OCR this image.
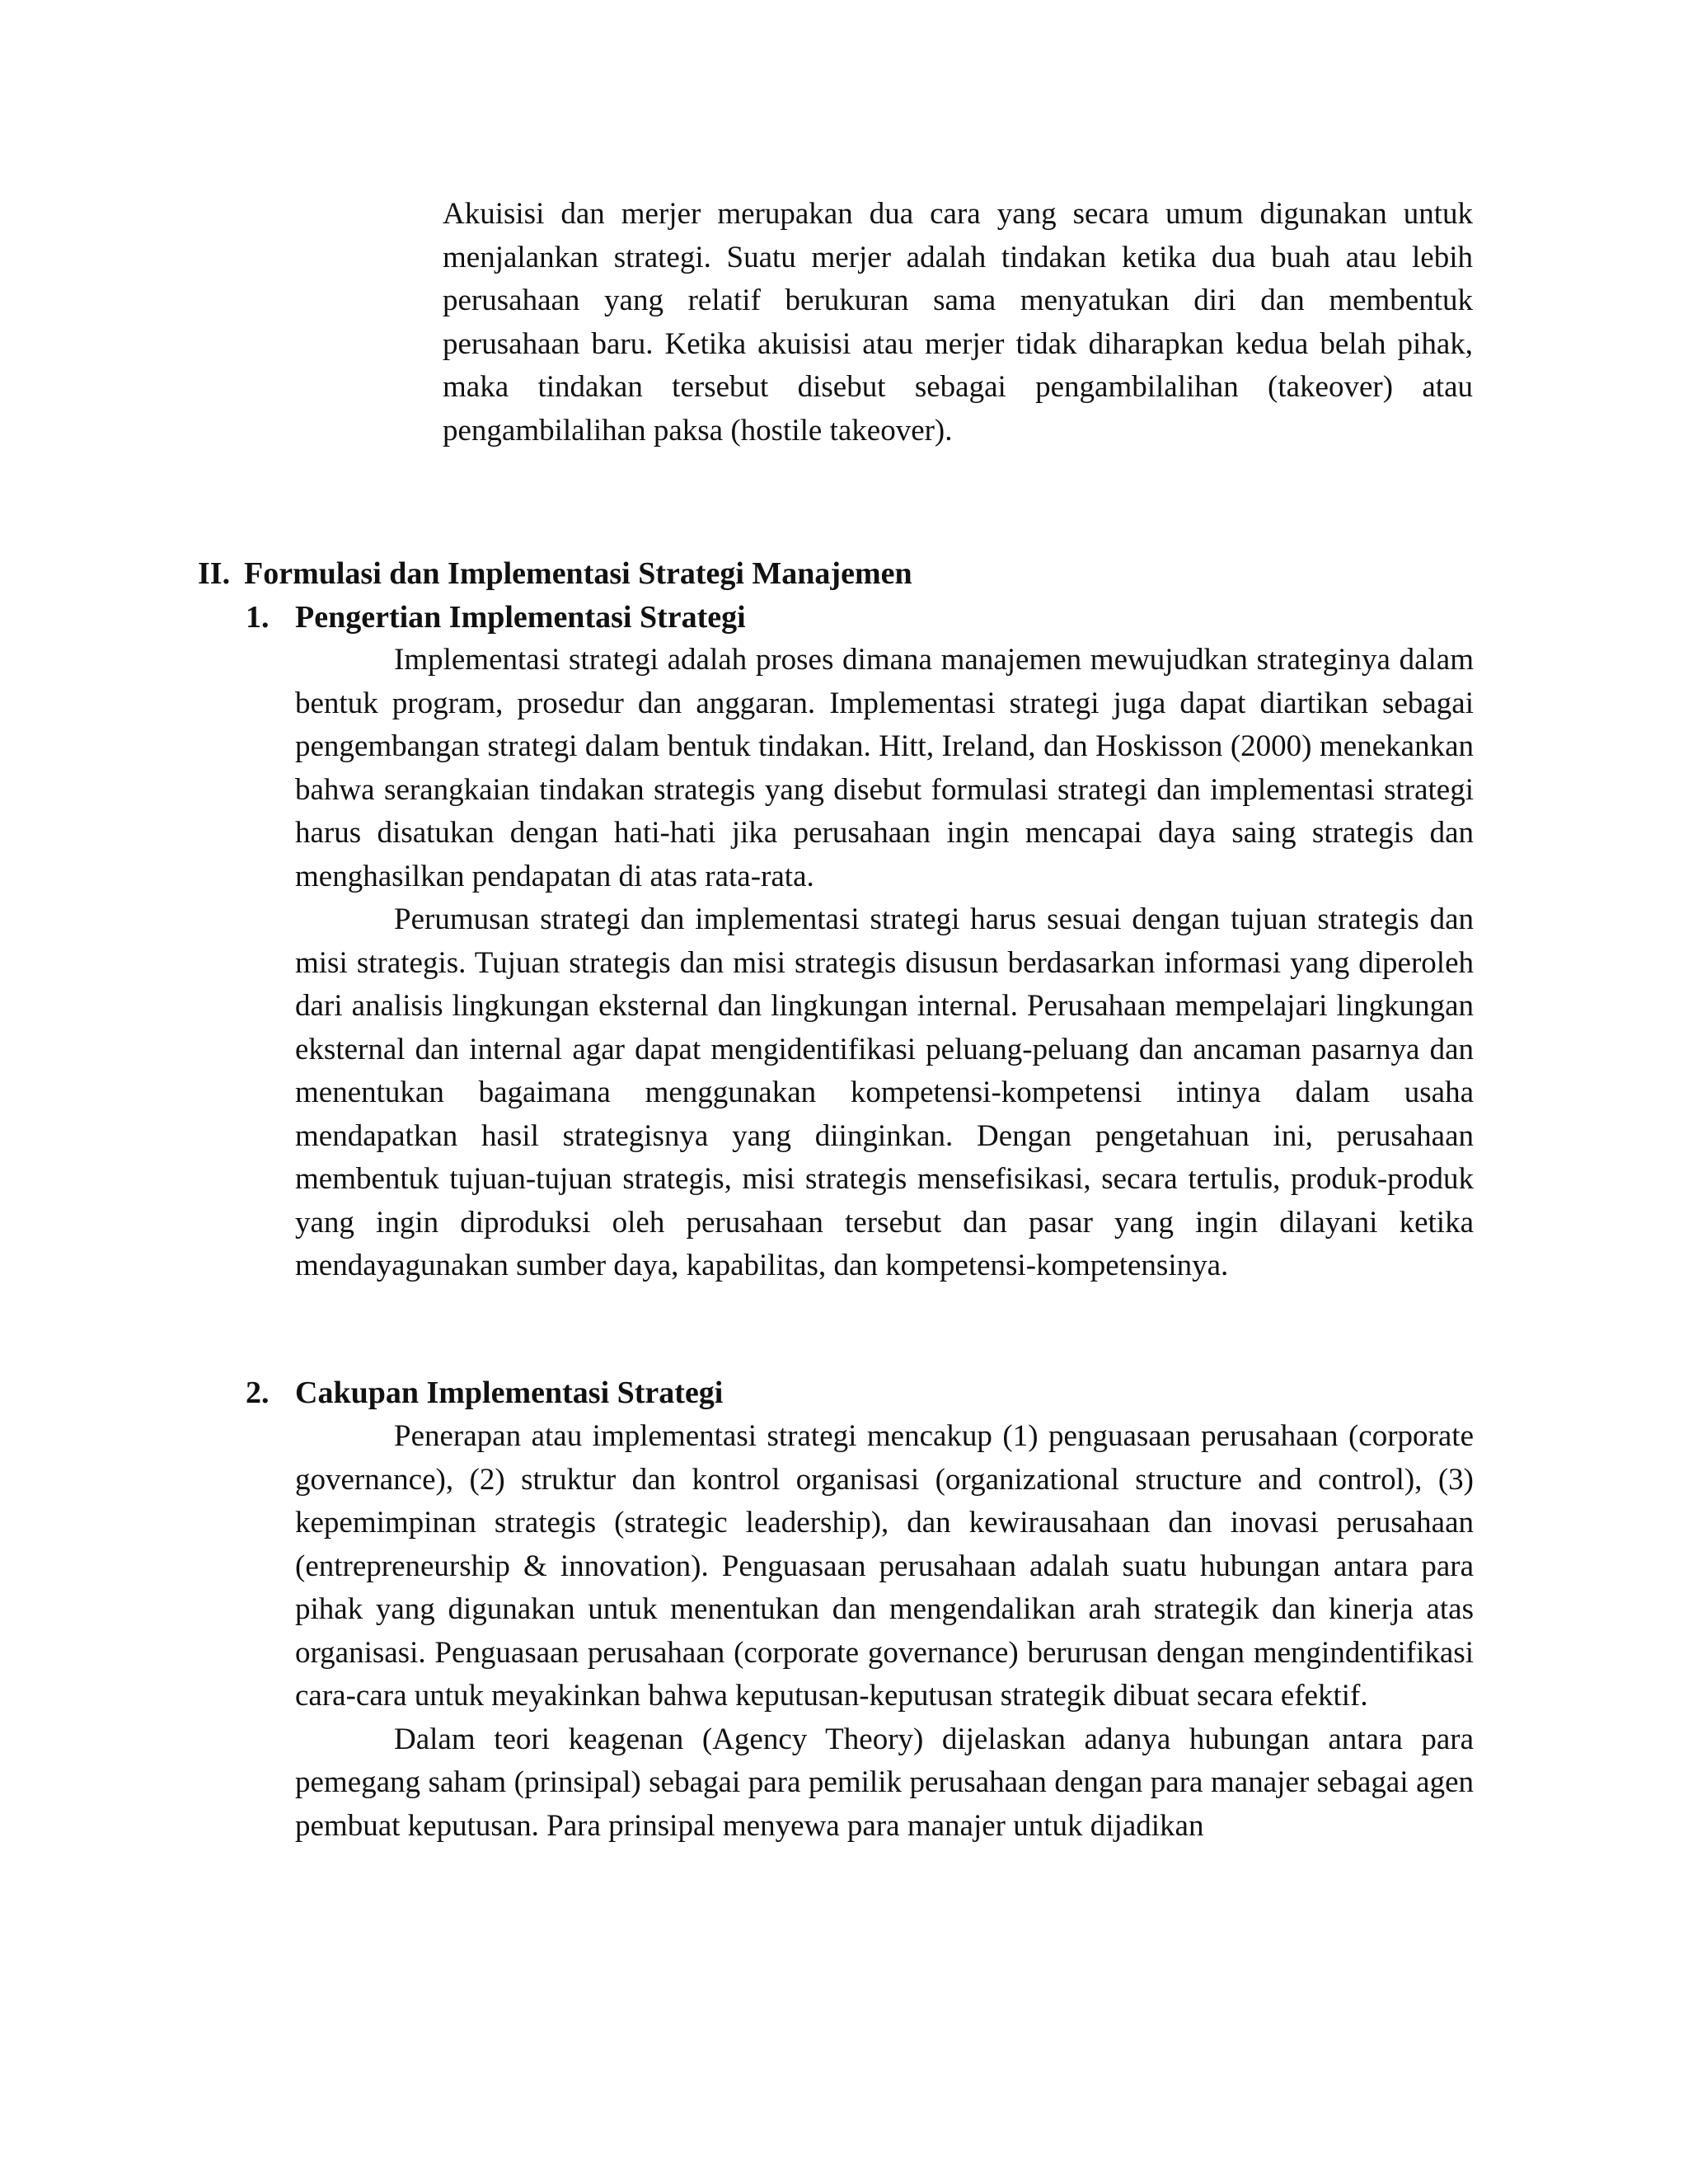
Akuisisi dan merjer merupakan dua cara yang secara umum digunakan untuk menjalankan strategi. Suatu merjer adalah tindakan ketika dua buah atau lebih perusahaan yang relatif berukuran sama menyatukan diri dan membentuk perusahaan baru. Ketika akuisisi atau merjer tidak diharapkan kedua belah pihak, maka tindakan tersebut disebut sebagai pengambilalihan (takeover) atau pengambilalihan paksa (hostile takeover).

II. Formulasi dan Implementasi Strategi Manajemen
1. Pengertian Implementasi Strategi

Implementasi strategi adalah proses dimana manajemen mewujudkan strateginya dalam bentuk program, prosedur dan anggaran. Implementasi strategi juga dapat diartikan sebagai pengembangan strategi dalam bentuk tindakan. Hitt, Ireland, dan Hoskisson (2000) menekankan bahwa serangkaian tindakan strategis yang disebut formulasi strategi dan implementasi strategi harus disatukan dengan hati-hati jika perusahaan ingin mencapai daya saing strategis dan menghasilkan pendapatan di atas rata-rata.

Perumusan strategi dan implementasi strategi harus sesuai dengan tujuan strategis dan misi strategis. Tujuan strategis dan misi strategis disusun berdasarkan informasi yang diperoleh dari analisis lingkungan eksternal dan lingkungan internal. Perusahaan mempelajari lingkungan eksternal dan internal agar dapat mengidentifikasi peluang-peluang dan ancaman pasarnya dan menentukan bagaimana menggunakan kompetensi-kompetensi intinya dalam usaha mendapatkan hasil strategisnya yang diinginkan. Dengan pengetahuan ini, perusahaan membentuk tujuan-tujuan strategis, misi strategis mensefisikasi, secara tertulis, produk-produk yang ingin diproduksi oleh perusahaan tersebut dan pasar yang ingin dilayani ketika mendayagunakan sumber daya, kapabilitas, dan kompetensi-kompetensinya.

2. Cakupan Implementasi Strategi

Penerapan atau implementasi strategi mencakup (1) penguasaan perusahaan (corporate governance), (2) struktur dan kontrol organisasi (organizational structure and control), (3) kepemimpinan strategis (strategic leadership), dan kewirausahaan dan inovasi perusahaan (entrepreneurship & innovation). Penguasaan perusahaan adalah suatu hubungan antara para pihak yang digunakan untuk menentukan dan mengendalikan arah strategik dan kinerja atas organisasi. Penguasaan perusahaan (corporate governance) berurusan dengan mengindentifikasi cara-cara untuk meyakinkan bahwa keputusan-keputusan strategik dibuat secara efektif.

Dalam teori keagenan (Agency Theory) dijelaskan adanya hubungan antara para pemegang saham (prinsipal) sebagai para pemilik perusahaan dengan para manajer sebagai agen pembuat keputusan. Para prinsipal menyewa para manajer untuk dijadikan
